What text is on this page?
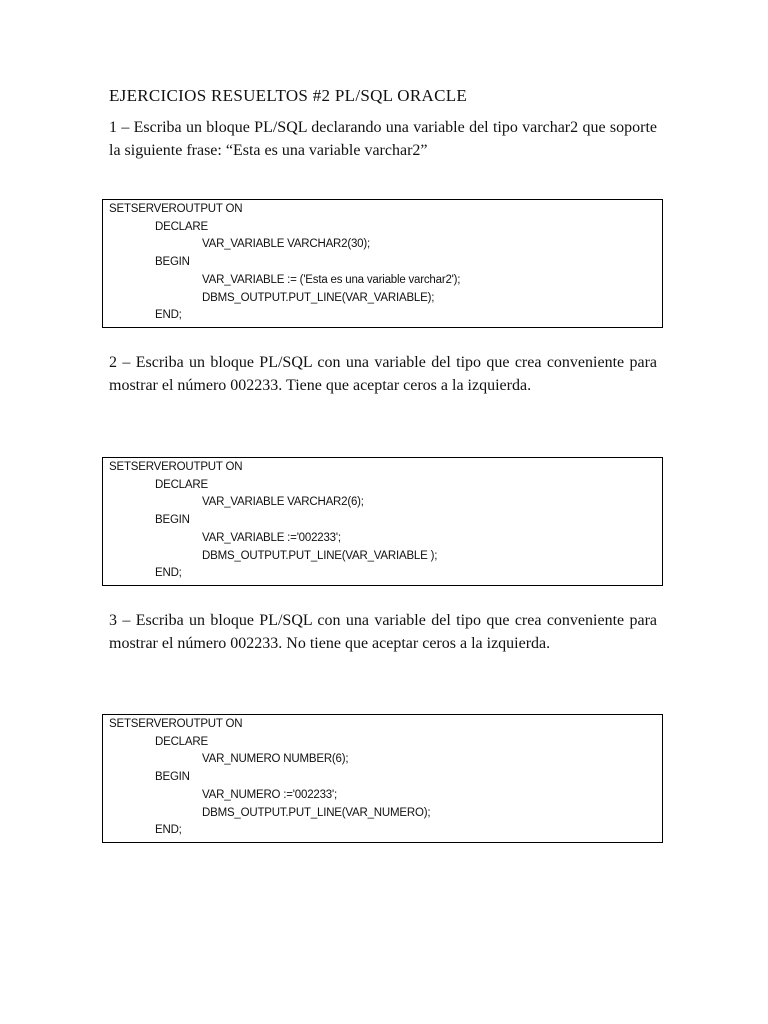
EJERCICIOS RESUELTOS #2 PL/SQL ORACLE
1 – Escriba un bloque PL/SQL declarando una variable del tipo varchar2 que soporte la siguiente frase: “Esta es una variable varchar2”
SETSERVEROUTPUT ON
DECLARE
VAR_VARIABLE VARCHAR2(30);
BEGIN
VAR_VARIABLE := ('Esta es una variable varchar2');
DBMS_OUTPUT.PUT_LINE(VAR_VARIABLE);
END;
2 – Escriba un bloque PL/SQL con una variable del tipo que crea conveniente para mostrar el número 002233. Tiene que aceptar ceros a la izquierda.
SETSERVEROUTPUT ON
DECLARE
VAR_VARIABLE VARCHAR2(6);
BEGIN
VAR_VARIABLE :='002233';
DBMS_OUTPUT.PUT_LINE(VAR_VARIABLE );
END;
3 – Escriba un bloque PL/SQL con una variable del tipo que crea conveniente para mostrar el número 002233. No tiene que aceptar ceros a la izquierda.
SETSERVEROUTPUT ON
DECLARE
VAR_NUMERO NUMBER(6);
BEGIN
VAR_NUMERO :='002233';
DBMS_OUTPUT.PUT_LINE(VAR_NUMERO);
END;
